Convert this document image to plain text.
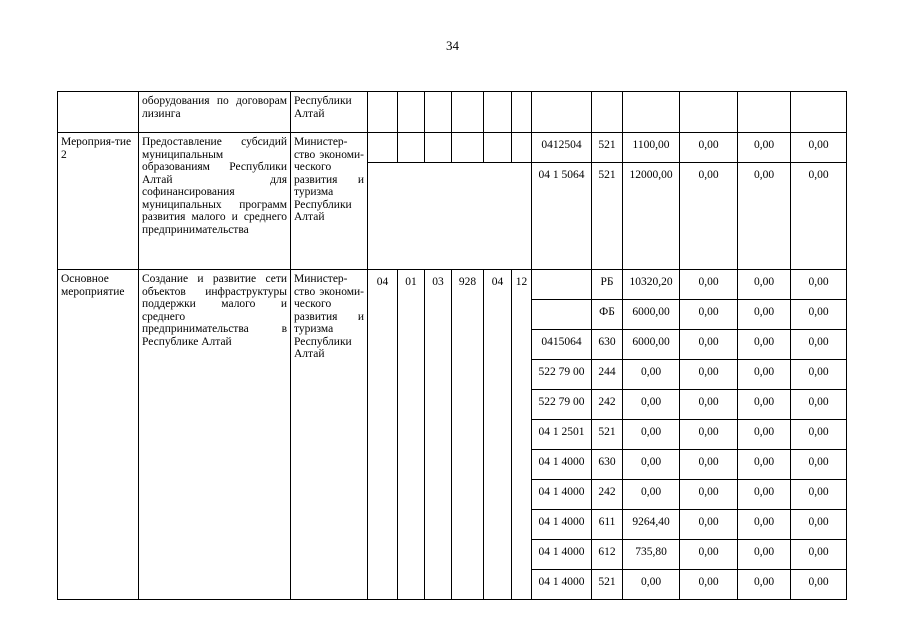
34
	оборудования по договорам лизинга	Республики Алтай												
Мероприя-тие 2	Предоставление субсидий муниципальным образованиям Республики Алтай для софинансирования муниципальных программ развития малого и среднего предпринимательства	Министер-ство экономи-ческого развития и туризма Республики Алтай							0412504	521	1100,00	0,00	0,00	0,00
									04 1 5064	521	12000,00	0,00	0,00	0,00
Основное мероприятие	Создание и развитие сети объектов инфраструктуры поддержки малого и среднего предпринимательства в Республике Алтай	Министер-ство экономи-ческого развития и туризма Республики Алтай	04	01	03	928	04	12		РБ	10320,20	0,00	0,00	0,00
										ФБ	6000,00	0,00	0,00	0,00
									0415064	630	6000,00	0,00	0,00	0,00
									522 79 00	244	0,00	0,00	0,00	0,00
									522 79 00	242	0,00	0,00	0,00	0,00
									04 1 2501	521	0,00	0,00	0,00	0,00
									04 1 4000	630	0,00	0,00	0,00	0,00
									04 1 4000	242	0,00	0,00	0,00	0,00
									04 1 4000	611	9264,40	0,00	0,00	0,00
									04 1 4000	612	735,80	0,00	0,00	0,00
									04 1 4000	521	0,00	0,00	0,00	0,00
